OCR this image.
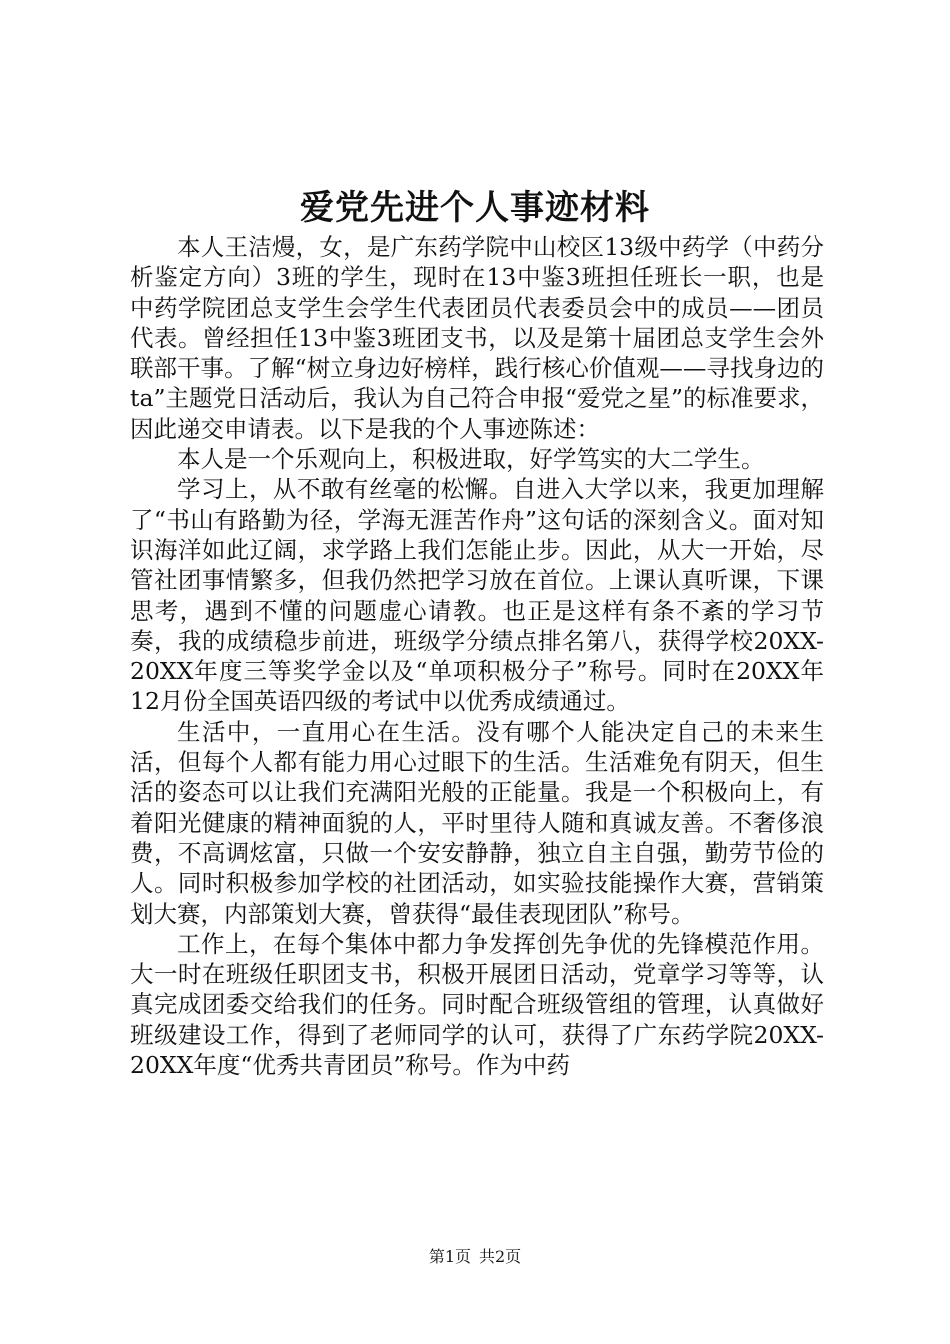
爱党先进个人事迹材料

本人王洁熳，女，是广东药学院中山校区13级中药学（中药分析鉴定方向）3班的学生，现时在13中鉴3班担任班长一职，也是中药学院团总支学生会学生代表团员代表委员会中的成员——团员代表。曾经担任13中鉴3班团支书，以及是第十届团总支学生会外联部干事。了解“树立身边好榜样，践行核心价值观——寻找身边的ta”主题党日活动后，我认为自己符合申报“爱党之星”的标准要求，因此递交申请表。以下是我的个人事迹陈述：

本人是一个乐观向上，积极进取，好学笃实的大二学生。

学习上，从不敢有丝毫的松懈。自进入大学以来，我更加理解了“书山有路勤为径，学海无涯苦作舟”这句话的深刻含义。面对知识海洋如此辽阔，求学路上我们怎能止步。因此，从大一开始，尽管社团事情繁多，但我仍然把学习放在首位。上课认真听课，下课思考，遇到不懂的问题虚心请教。也正是这样有条不紊的学习节奏，我的成绩稳步前进，班级学分绩点排名第八，获得学校20XX-20XX年度三等奖学金以及“单项积极分子”称号。同时在20XX年12月份全国英语四级的考试中以优秀成绩通过。

生活中，一直用心在生活。没有哪个人能决定自己的未来生活，但每个人都有能力用心过眼下的生活。生活难免有阴天，但生活的姿态可以让我们充满阳光般的正能量。我是一个积极向上，有着阳光健康的精神面貌的人，平时里待人随和真诚友善。不奢侈浪费，不高调炫富，只做一个安安静静，独立自主自强，勤劳节俭的人。同时积极参加学校的社团活动，如实验技能操作大赛，营销策划大赛，内部策划大赛，曾获得“最佳表现团队”称号。

工作上，在每个集体中都力争发挥创先争优的先锋模范作用。大一时在班级任职团支书，积极开展团日活动，党章学习等等，认真完成团委交给我们的任务。同时配合班级管组的管理，认真做好班级建设工作，得到了老师同学的认可，获得了广东药学院20XX-20XX年度“优秀共青团员”称号。作为中药

第1页 共2页
